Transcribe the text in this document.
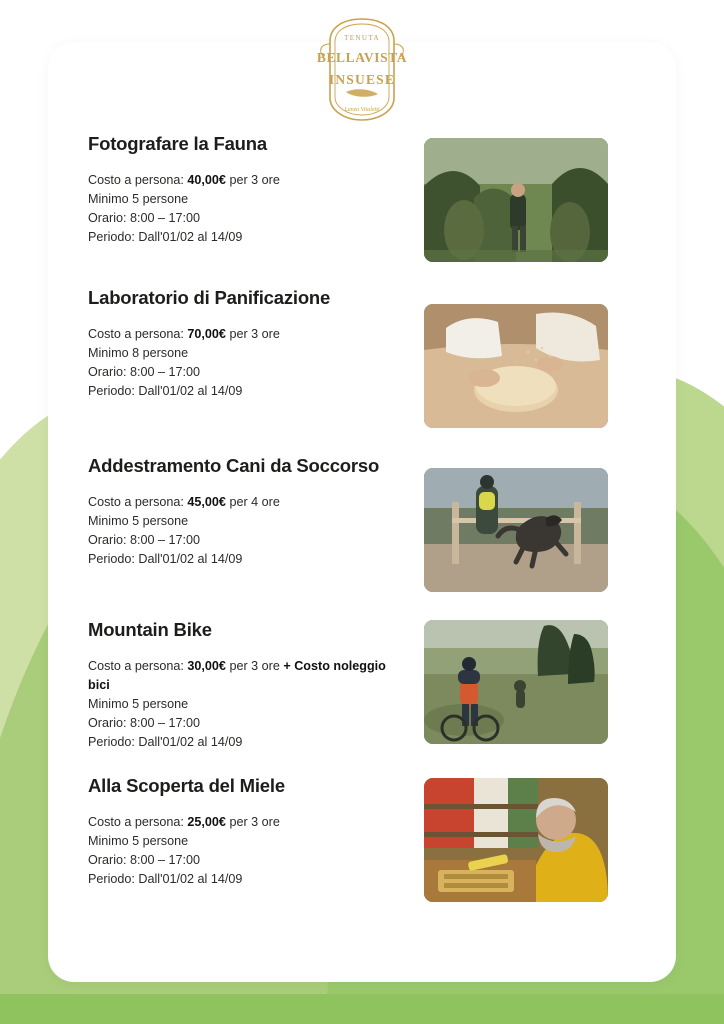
TENUTA
BELLAVISTA
INSUESE
Lanza Vitaletti
Fotografare la Fauna
Costo a persona: 40,00€ per 3 ore
Minimo 5 persone
Orario: 8:00 – 17:00
Periodo: Dall'01/02 al 14/09
Laboratorio di Panificazione
Costo a persona: 70,00€ per 3 ore
Minimo 8 persone
Orario: 8:00 – 17:00
Periodo: Dall'01/02 al 14/09
Addestramento Cani da Soccorso
Costo a persona: 45,00€ per 4 ore
Minimo 5 persone
Orario: 8:00 – 17:00
Periodo: Dall'01/02 al 14/09
Mountain Bike
Costo a persona: 30,00€ per 3 ore + Costo noleggio bici
Minimo 5 persone
Orario: 8:00 – 17:00
Periodo: Dall'01/02 al 14/09
Alla Scoperta del Miele
Costo a persona: 25,00€ per 3 ore
Minimo 5 persone
Orario: 8:00 – 17:00
Periodo: Dall'01/02 al 14/09
